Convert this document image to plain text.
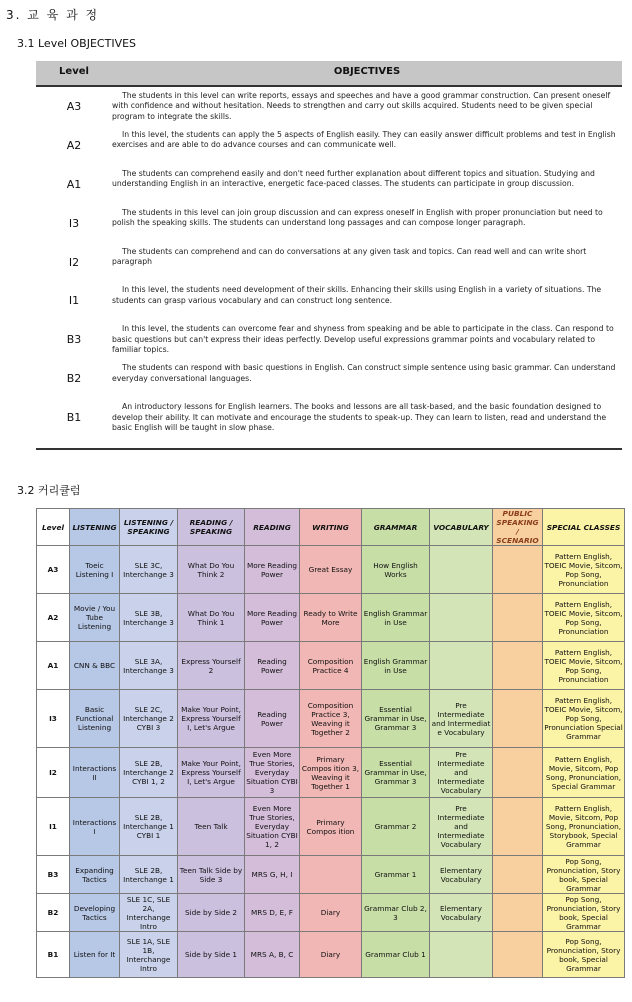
3. 교 육 과 정
3.1 Level OBJECTIVES
Level	OBJECTIVES
A3
The students in this level can write reports, essays and speeches and have a good grammar construction. Can present oneself with confidence and without hesitation. Needs to strengthen and carry out skills acquired. Students need to be given special program to integrate the skills.
A2
In this level, the students can apply the 5 aspects of English easily. They can easily answer difficult problems and test in English exercises and are able to do advance courses and can communicate well.
A1
The students can comprehend easily and don't need further explanation about different topics and situation. Studying and understanding English in an interactive, energetic face-paced classes. The students can participate in group discussion.
I3
The students in this level can join group discussion and can express oneself in English with proper pronunciation but need to polish the speaking skills. The students can understand long passages and can compose longer paragraph.
I2
The students can comprehend and can do conversations at any given task and topics. Can read well and can write short paragraph
I1
In this level, the students need development of their skills. Enhancing their skills using English in a variety of situations. The students can grasp various vocabulary and can construct long sentence.
B3
In this level, the students can overcome fear and shyness from speaking and be able to participate in the class. Can respond to basic questions but can't express their ideas perfectly. Develop useful expressions grammar points and vocabulary related to familiar topics.
B2
The students can respond with basic questions in English. Can construct simple sentence using basic grammar. Can understand everyday conversational languages.
B1
An introductory lessons for English learners. The books and lessons are all task-based, and the basic foundation designed to develop their ability. It can motivate and encourage the students to speak-up. They can learn to listen, read and understand the basic English will be taught in slow phase.
3.2 커리큘럼
Level	LISTENING	LISTENING / SPEAKING	READING / SPEAKING	READING	WRITING	GRAMMAR	VOCABULARY	PUBLIC SPEAKING / SCENARIO	SPECIAL CLASSES
A3	Toeic Listening I	SLE 3C, Interchange 3	What Do You Think 2	More Reading Power	Great Essay	How English Works			Pattern English, TOEIC Movie, Sitcom, Pop Song, Pronunciation
A2	Movie / You Tube Listening	SLE 3B, Interchange 3	What Do You Think 1	More Reading Power	Ready to Write More	English Grammar in Use			Pattern English, TOEIC Movie, Sitcom, Pop Song, Pronunciation
A1	CNN & BBC	SLE 3A, Interchange 3	Express Yourself 2	Reading Power	Composition Practice 4	English Grammar in Use			Pattern English, TOEIC Movie, Sitcom, Pop Song, Pronunciation
I3	Basic Functional Listening	SLE 2C, Interchange 2 CYBI 3	Make Your Point, Express Yourself I, Let's Argue	Reading Power	Composition Practice 3, Weaving it Together 2	Essential Grammar in Use, Grammar 3	Pre Intermediate and Intermediat e Vocabulary		Pattern English, TOEIC Movie, Sitcom, Pop Song, Pronunciation Special Grammar
I2	Interactions II	SLE 2B, Interchange 2 CYBI 1, 2	Make Your Point, Express Yourself I, Let's Argue	Even More True Stories, Everyday Situation CYBI 3	Primary Compos ition 3, Weaving it Together 1	Essential Grammar in Use, Grammar 3	Pre Intermediate and Intermediate Vocabulary		Pattern English, Movie, Sitcom, Pop Song, Pronunciation, Special Grammar
I1	Interactions I	SLE 2B, Interchange 1 CYBI 1	Teen Talk	Even More True Stories, Everyday Situation CYBI 1, 2	Primary Compos ition	Grammar 2	Pre Intermediate and Intermediate Vocabulary		Pattern English, Movie, Sitcom, Pop Song, Pronunciation, Storybook, Special Grammar
B3	Expanding Tactics	SLE 2B, Interchange 1	Teen Talk Side by Side 3	MRS G, H, I		Grammar 1	Elementary Vocabulary		Pop Song, Pronunciation, Story book, Special Grammar
B2	Developing Tactics	SLE 1C, SLE 2A, Interchange Intro	Side by Side 2	MRS D, E, F	Diary	Grammar Club 2, 3	Elementary Vocabulary		Pop Song, Pronunciation, Story book, Special Grammar
B1	Listen for It	SLE 1A, SLE 1B, Interchange Intro	Side by Side 1	MRS A, B, C	Diary	Grammar Club 1			Pop Song, Pronunciation, Story book, Special Grammar
